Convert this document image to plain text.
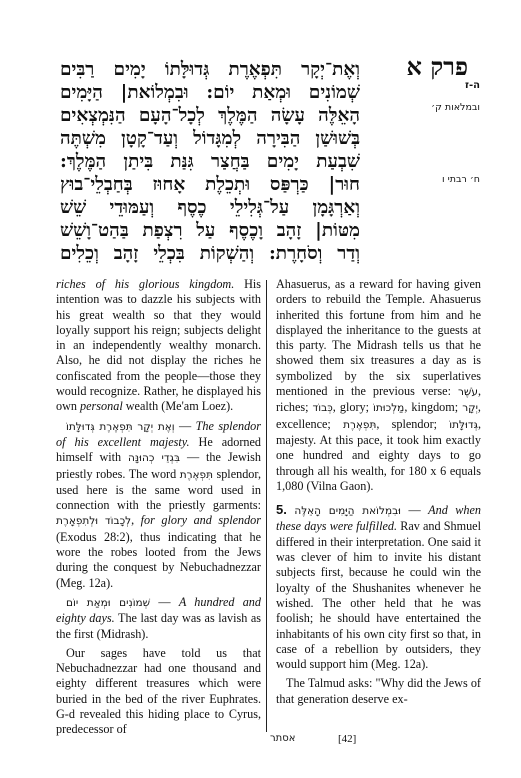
וְאֶת־יְקָר תִּפְאֶרֶת גְּדוּלָּתוֹ יָמִים רַבִּים
שְׁמוֹנִים וּמְאַת יוֹם: וּבִמְלוֹאת| הַיָּמִים
הָאֵלֶּה עָשָׂה הַמֶּלֶךְ לְכָל־הָעָם הַנִּמְצְאִים
בְּשׁוּשַׁן הַבִּירָה לְמִגָּדוֹל וְעַד־קָטָן מִשְׁתֶּה
שִׁבְעַת יָמִים בַּחֲצַר גִּנַּת בִּיתַן הַמֶּלֶךְ:
חוּר| כַּרְפַּס וּתְכֵלֶת אָחוּז בְּחַבְלֵי־בוּץ
וְאַרְגָּמָן עַל־גְּלִילֵי כֶסֶף וְעַמּוּדֵי שֵׁשׁ
מִטּוֹת| זָהָב וָכֶסֶף עַל רִצְפַת בַּהַט־וָשֵׁשׁ
וְדַר וְסֹחָרֶת: וְהַשְׁקוֹת בִּכְלֵי זָהָב וְכֵלִים
פרק א
ה-ז
ובמלאות ק׳
ח׳ רבתי ו

riches of his glorious kingdom. His intention was to dazzle his subjects with his great wealth so that they would loyally support his reign; subjects delight in an independently wealthy monarch. Also, he did not display the riches he confiscated from the people—those they would recognize. Rather, he displayed his own personal wealth (Me'am Loez).

וְאֶת יְקָר תִּפְאֶרֶת גְּדוּלָּתוֹ — The splendor of his excellent majesty. He adorned himself with בִּגְדֵי כְהוּנָּה — the Jewish priestly robes. The word תִּפְאֶרֶת splendor, used here is the same word used in connection with the priestly garments: לְכָבוֹד וּלְתִפְאָרֶת, for glory and splendor (Exodus 28:2), thus indicating that he wore the robes looted from the Jews during the conquest by Nebuchadnezzar (Meg. 12a).

שְׁמוֹנִים וּמְאַת יוֹם — A hundred and eighty days. The last day was as lavish as the first (Midrash).

Our sages have told us that Nebuchadnezzar had one thousand and eighty different treasures which were buried in the bed of the river Euphrates. G-d revealed this hiding place to Cyrus, predecessor of

Ahasuerus, as a reward for having given orders to rebuild the Temple. Ahasuerus inherited this fortune from him and he displayed the inheritance to the guests at this party. The Midrash tells us that he showed them six treasures a day as is symbolized by the six superlatives mentioned in the previous verse: עֹשֶׁר, riches; כְּבוֹד, glory; מַלְכוּתוֹ, kingdom; יְקָר, excellence; תִּפְאֶרֶת, splendor; גְּדוּלָּתוֹ, majesty. At this pace, it took him exactly one hundred and eighty days to go through all his wealth, for 180 x 6 equals 1,080 (Vilna Gaon).

5. וּבִמְלוֹאת הַיָּמִים הָאֵלֶּה — And when these days were fulfilled. Rav and Shmuel differed in their interpretation. One said it was clever of him to invite his distant subjects first, because he could win the loyalty of the Shushanites whenever he wished. The other held that he was foolish; he should have entertained the inhabitants of his own city first so that, in case of a rebellion by outsiders, they would support him (Meg. 12a).

The Talmud asks: "Why did the Jews of that generation deserve ex-

אסתר	[42]
